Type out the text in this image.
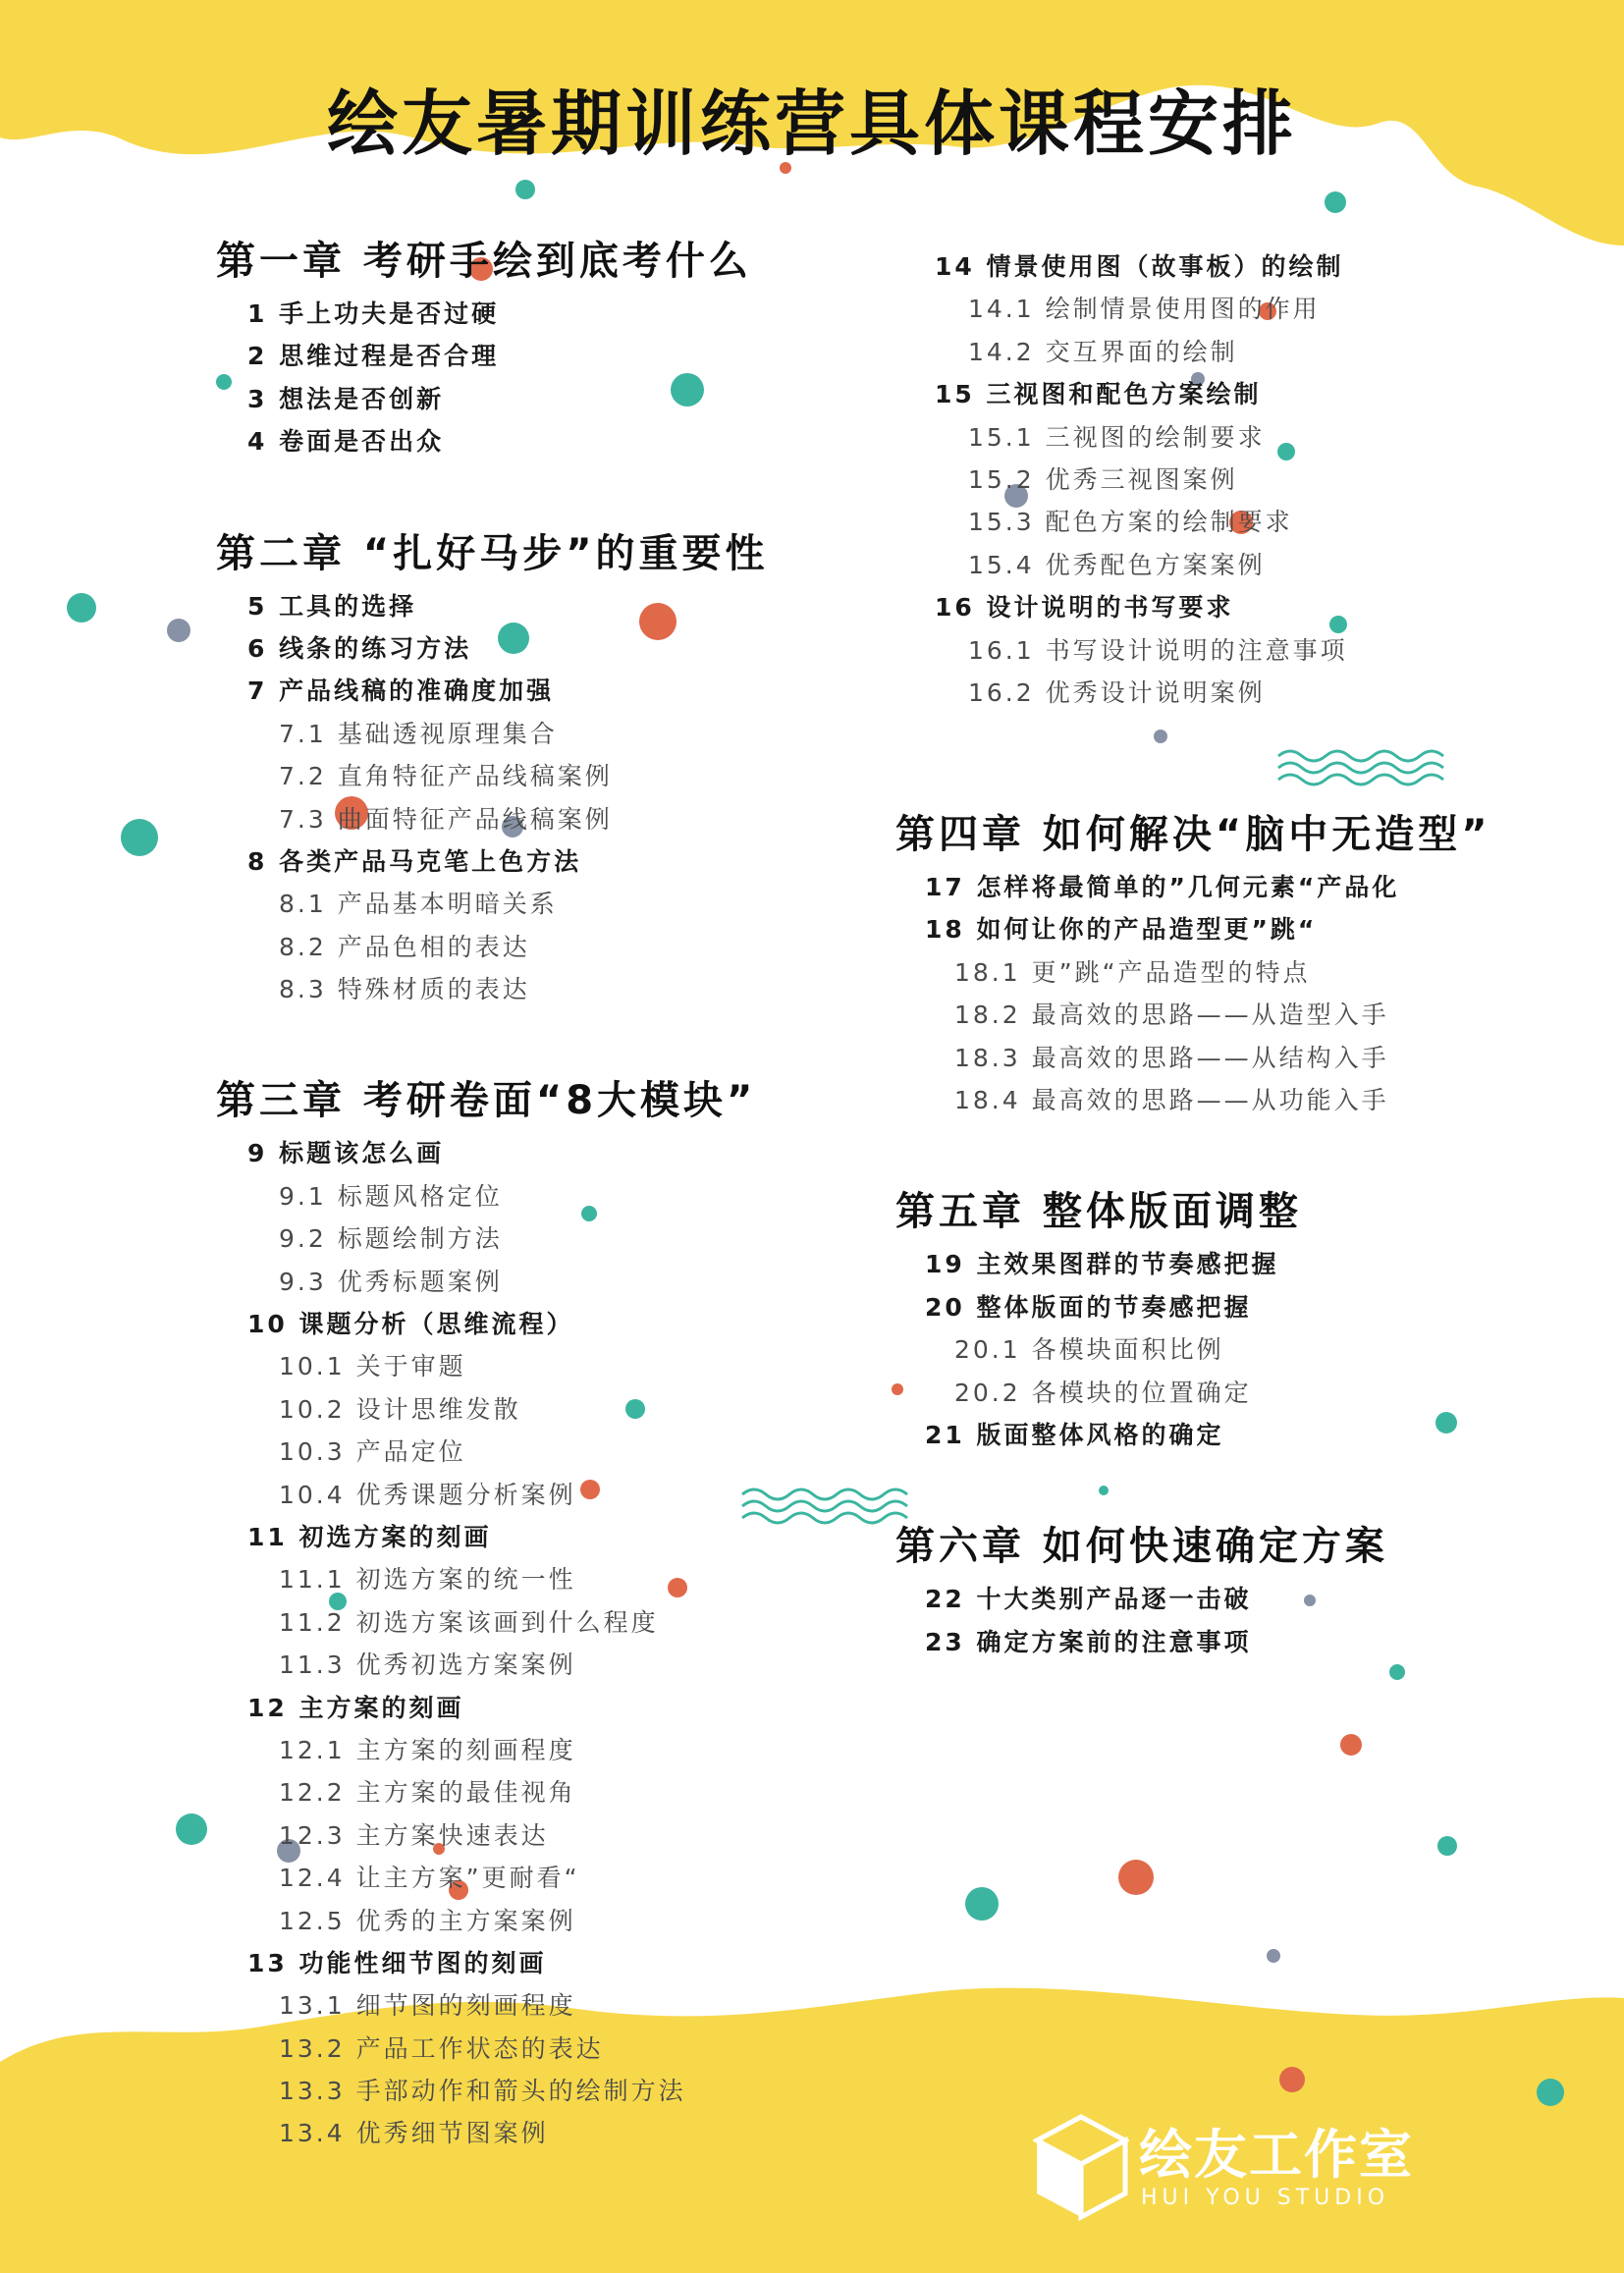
绘友暑期训练营具体课程安排
第一章 考研手绘到底考什么
1 手上功夫是否过硬
2 思维过程是否合理
3 想法是否创新
4 卷面是否出众
第二章 “扎好马步”的重要性
5 工具的选择
6 线条的练习方法
7 产品线稿的准确度加强
7.1 基础透视原理集合
7.2 直角特征产品线稿案例
7.3 曲面特征产品线稿案例
8 各类产品马克笔上色方法
8.1 产品基本明暗关系
8.2 产品色相的表达
8.3 特殊材质的表达
第三章 考研卷面“8大模块”
9 标题该怎么画
9.1 标题风格定位
9.2 标题绘制方法
9.3 优秀标题案例
10 课题分析（思维流程）
10.1 关于审题
10.2 设计思维发散
10.3 产品定位
10.4 优秀课题分析案例
11 初选方案的刻画
11.1 初选方案的统一性
11.2 初选方案该画到什么程度
11.3 优秀初选方案案例
12 主方案的刻画
12.1 主方案的刻画程度
12.2 主方案的最佳视角
12.3 主方案快速表达
12.4 让主方案”更耐看“
12.5 优秀的主方案案例
13 功能性细节图的刻画
13.1 细节图的刻画程度
13.2 产品工作状态的表达
13.3 手部动作和箭头的绘制方法
13.4 优秀细节图案例
14 情景使用图（故事板）的绘制
14.1 绘制情景使用图的作用
14.2 交互界面的绘制
15 三视图和配色方案绘制
15.1 三视图的绘制要求
15.2 优秀三视图案例
15.3 配色方案的绘制要求
15.4 优秀配色方案案例
16 设计说明的书写要求
16.1 书写设计说明的注意事项
16.2 优秀设计说明案例
第四章 如何解决“脑中无造型”
17 怎样将最简单的”几何元素“产品化
18 如何让你的产品造型更”跳“
18.1 更”跳“产品造型的特点
18.2 最高效的思路——从造型入手
18.3 最高效的思路——从结构入手
18.4 最高效的思路——从功能入手
第五章 整体版面调整
19 主效果图群的节奏感把握
20 整体版面的节奏感把握
20.1 各模块面积比例
20.2 各模块的位置确定
21 版面整体风格的确定
第六章 如何快速确定方案
22 十大类别产品逐一击破
23 确定方案前的注意事项
绘友工作室
HUI YOU STUDIO
